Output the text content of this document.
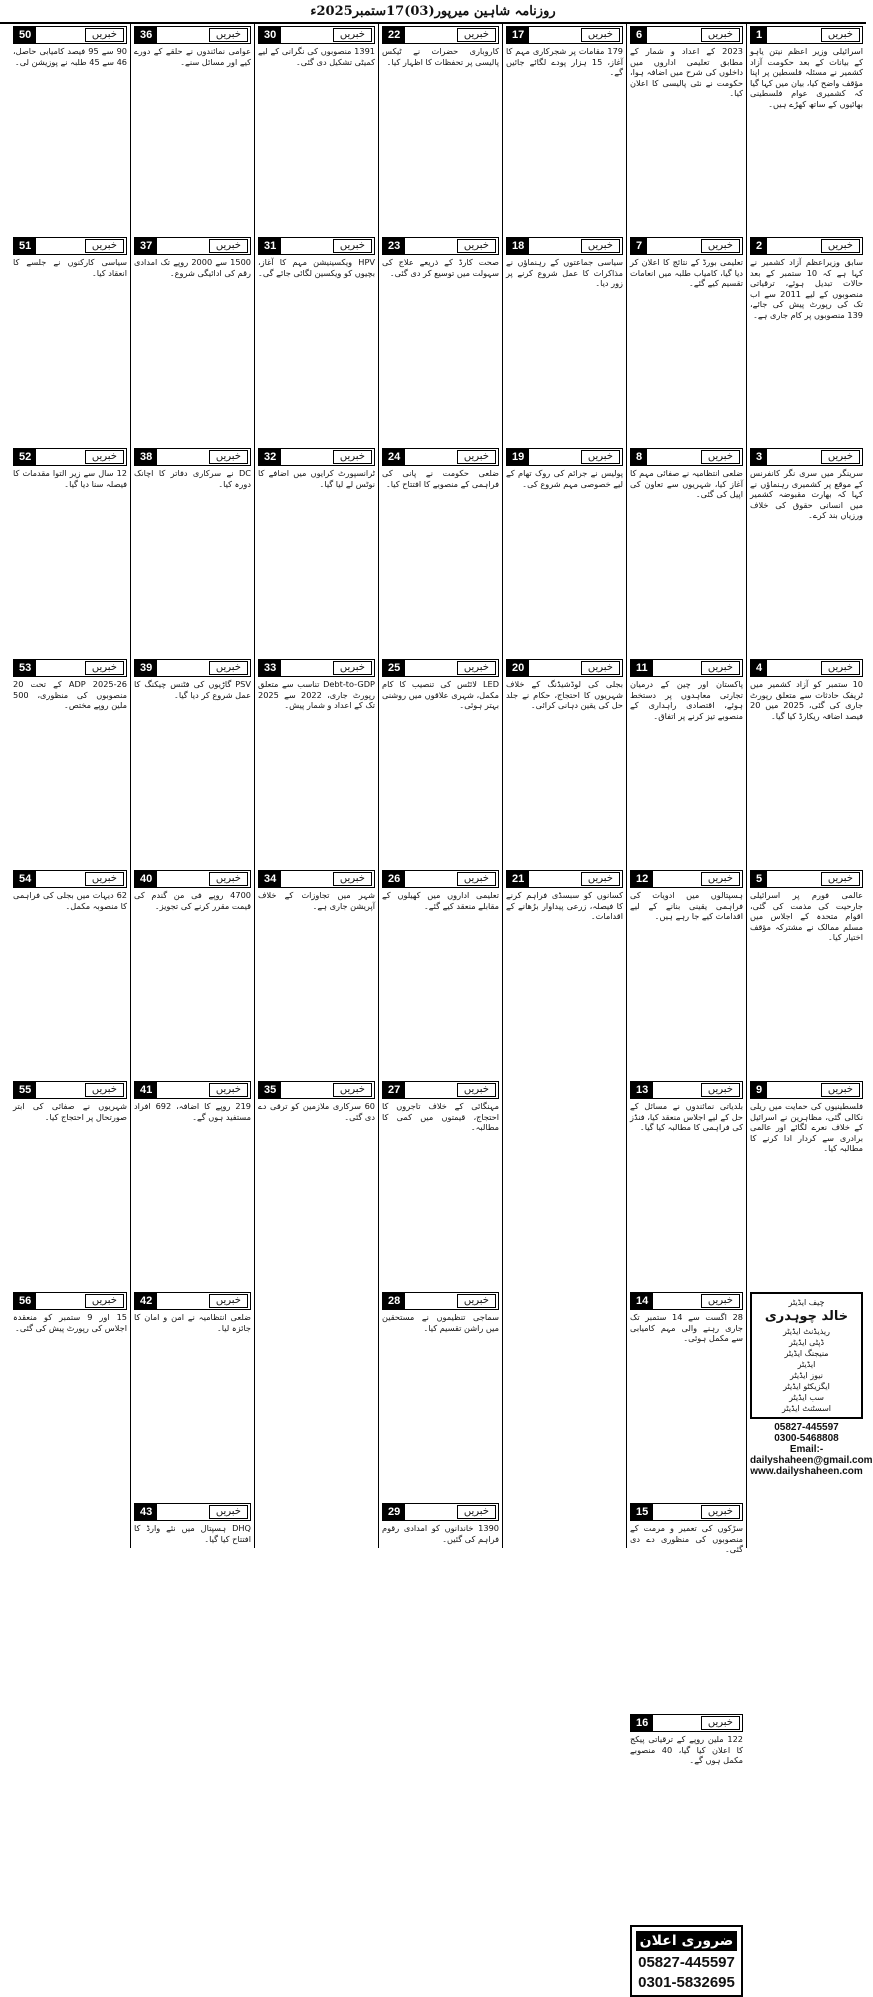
روزنامہ شاہین میرپور(03)17ستمبر2025ء
1	خبریں
اسرائیلی وزیر اعظم نیتن یاہو کے بیانات کے بعد حکومت آزاد کشمیر نے مسئلہ فلسطین پر اپنا مؤقف واضح کیا، بیان میں کہا گیا کہ کشمیری عوام فلسطینی بھائیوں کے ساتھ کھڑے ہیں۔
2	خبریں
سابق وزیراعظم آزاد کشمیر نے کہا ہے کہ 10 ستمبر کے بعد حالات تبدیل ہوئے، ترقیاتی منصوبوں کے لیے 2011 سے اب تک کی رپورٹ پیش کی جائے، 139 منصوبوں پر کام جاری ہے۔
3	خبریں
سرینگر میں سری نگر کانفرنس کے موقع پر کشمیری رہنماؤں نے کہا کہ بھارت مقبوضہ کشمیر میں انسانی حقوق کی خلاف ورزیاں بند کرے۔
4	خبریں
10 ستمبر کو آزاد کشمیر میں ٹریفک حادثات سے متعلق رپورٹ جاری کی گئی، 2025 میں 20 فیصد اضافہ ریکارڈ کیا گیا۔
5	خبریں
عالمی فورم پر اسرائیلی جارحیت کی مذمت کی گئی، اقوام متحدہ کے اجلاس میں مسلم ممالک نے مشترکہ مؤقف اختیار کیا۔
9	خبریں
فلسطینیوں کی حمایت میں ریلی نکالی گئی، مظاہرین نے اسرائیل کے خلاف نعرے لگائے اور عالمی برادری سے کردار ادا کرنے کا مطالبہ کیا۔
چیف ایڈیٹر
خالد چوہدری
ریذیڈنٹ ایڈیٹر
ڈپٹی ایڈیٹر
منیجنگ ایڈیٹر
ایڈیٹر
نیوز ایڈیٹر
ایگزیکٹو ایڈیٹر
سب ایڈیٹر
اسسٹنٹ ایڈیٹر
05827-445597
0300-5468808
Email:-dailyshaheen@gmail.com
www.dailyshaheen.com
6	خبریں
2023 کے اعداد و شمار کے مطابق تعلیمی اداروں میں داخلوں کی شرح میں اضافہ ہوا، حکومت نے نئی پالیسی کا اعلان کیا۔
7	خبریں
تعلیمی بورڈ کے نتائج کا اعلان کر دیا گیا، کامیاب طلبہ میں انعامات تقسیم کیے گئے۔
8	خبریں
ضلعی انتظامیہ نے صفائی مہم کا آغاز کیا، شہریوں سے تعاون کی اپیل کی گئی۔
11	خبریں
پاکستان اور چین کے درمیان تجارتی معاہدوں پر دستخط ہوئے، اقتصادی راہداری کے منصوبے تیز کرنے پر اتفاق۔
12	خبریں
ہسپتالوں میں ادویات کی فراہمی یقینی بنانے کے لیے اقدامات کیے جا رہے ہیں۔
13	خبریں
بلدیاتی نمائندوں نے مسائل کے حل کے لیے اجلاس منعقد کیا، فنڈز کی فراہمی کا مطالبہ کیا گیا۔
14	خبریں
28 اگست سے 14 ستمبر تک جاری رہنے والی مہم کامیابی سے مکمل ہوئی۔
15	خبریں
سڑکوں کی تعمیر و مرمت کے منصوبوں کی منظوری دے دی گئی۔
16	خبریں
122 ملین روپے کے ترقیاتی پیکج کا اعلان کیا گیا، 40 منصوبے مکمل ہوں گے۔
ضروری اعلان
05827-445597
0301-5832695
17	خبریں
179 مقامات پر شجرکاری مہم کا آغاز، 15 ہزار پودے لگائے جائیں گے۔
18	خبریں
سیاسی جماعتوں کے رہنماؤں نے مذاکرات کا عمل شروع کرنے پر زور دیا۔
19	خبریں
پولیس نے جرائم کی روک تھام کے لیے خصوصی مہم شروع کی۔
20	خبریں
بجلی کی لوڈشیڈنگ کے خلاف شہریوں کا احتجاج، حکام نے جلد حل کی یقین دہانی کرائی۔
21	خبریں
کسانوں کو سبسڈی فراہم کرنے کا فیصلہ، زرعی پیداوار بڑھانے کے اقدامات۔
22	خبریں
کاروباری حضرات نے ٹیکس پالیسی پر تحفظات کا اظہار کیا۔
23	خبریں
صحت کارڈ کے ذریعے علاج کی سہولت میں توسیع کر دی گئی۔
24	خبریں
ضلعی حکومت نے پانی کی فراہمی کے منصوبے کا افتتاح کیا۔
25	خبریں
LED لائٹس کی تنصیب کا کام مکمل، شہری علاقوں میں روشنی بہتر ہوئی۔
26	خبریں
تعلیمی اداروں میں کھیلوں کے مقابلے منعقد کیے گئے۔
27	خبریں
مہنگائی کے خلاف تاجروں کا احتجاج، قیمتوں میں کمی کا مطالبہ۔
28	خبریں
سماجی تنظیموں نے مستحقین میں راشن تقسیم کیا۔
29	خبریں
1390 خاندانوں کو امدادی رقوم فراہم کی گئیں۔
30	خبریں
1391 منصوبوں کی نگرانی کے لیے کمیٹی تشکیل دی گئی۔
31	خبریں
HPV ویکسینیشن مہم کا آغاز، بچیوں کو ویکسین لگائی جائے گی۔
32	خبریں
ٹرانسپورٹ کرایوں میں اضافے کا نوٹس لے لیا گیا۔
33	خبریں
Debt-to-GDP تناسب سے متعلق رپورٹ جاری، 2022 سے 2025 تک کے اعداد و شمار پیش۔
34	خبریں
شہر میں تجاوزات کے خلاف آپریشن جاری ہے۔
35	خبریں
60 سرکاری ملازمین کو ترقی دے دی گئی۔
36	خبریں
عوامی نمائندوں نے حلقے کے دورے کیے اور مسائل سنے۔
37	خبریں
1500 سے 2000 روپے تک امدادی رقم کی ادائیگی شروع۔
38	خبریں
DC نے سرکاری دفاتر کا اچانک دورہ کیا۔
39	خبریں
PSV گاڑیوں کی فٹنس چیکنگ کا عمل شروع کر دیا گیا۔
40	خبریں
4700 روپے فی من گندم کی قیمت مقرر کرنے کی تجویز۔
41	خبریں
219 روپے کا اضافہ، 692 افراد مستفید ہوں گے۔
42	خبریں
ضلعی انتظامیہ نے امن و امان کا جائزہ لیا۔
43	خبریں
DHQ ہسپتال میں نئے وارڈ کا افتتاح کیا گیا۔
50	خبریں
90 سے 95 فیصد کامیابی حاصل، 46 سے 45 طلبہ نے پوزیشن لی۔
51	خبریں
سیاسی کارکنوں نے جلسے کا انعقاد کیا۔
52	خبریں
12 سال سے زیر التوا مقدمات کا فیصلہ سنا دیا گیا۔
53	خبریں
ADP 2025-26 کے تحت 20 منصوبوں کی منظوری، 500 ملین روپے مختص۔
54	خبریں
62 دیہات میں بجلی کی فراہمی کا منصوبہ مکمل۔
55	خبریں
شہریوں نے صفائی کی ابتر صورتحال پر احتجاج کیا۔
56	خبریں
15 اور 9 ستمبر کو منعقدہ اجلاس کی رپورٹ پیش کی گئی۔
